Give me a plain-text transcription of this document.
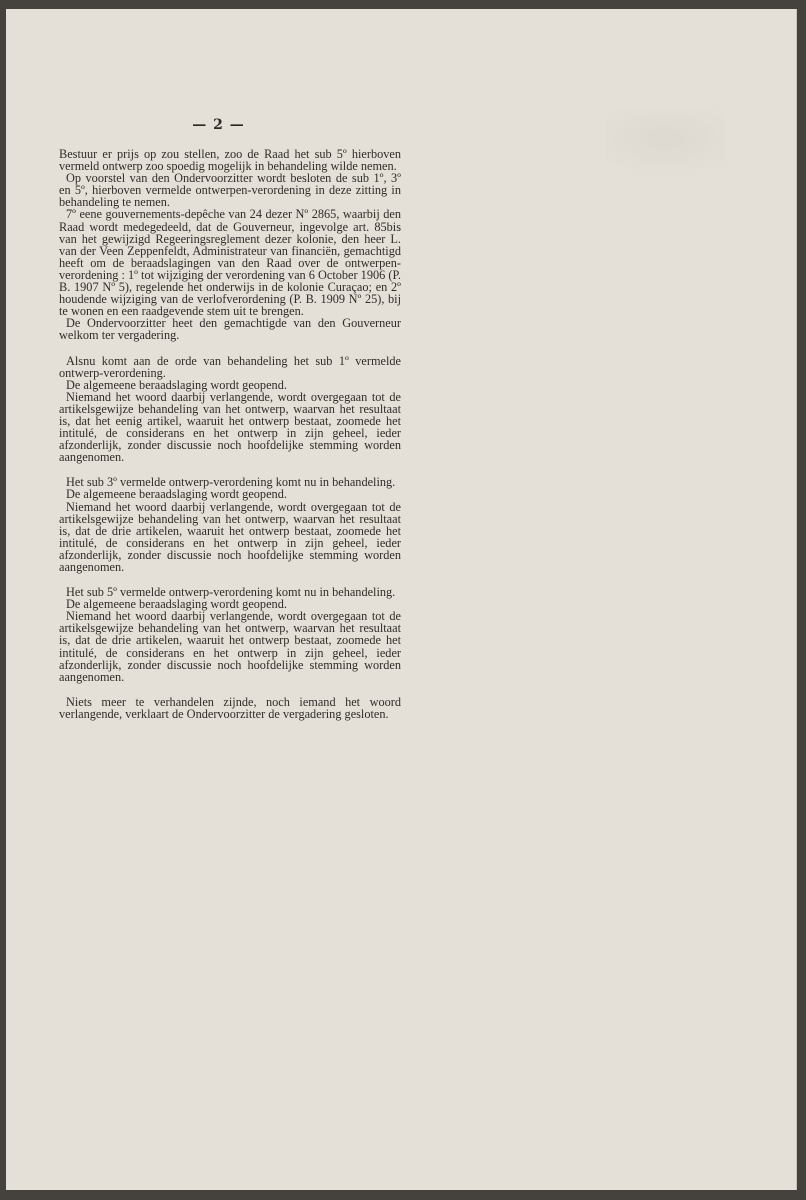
— 2 —

Bestuur er prijs op zou stellen, zoo de Raad het sub 5º hierboven vermeld ontwerp zoo spoedig mogelijk in behandeling wilde nemen.

Op voorstel van den Ondervoorzitter wordt besloten de sub 1º, 3º en 5º, hierboven vermelde ontwerpen-verordening in deze zitting in behandeling te nemen.

7º eene gouvernements-depêche van 24 dezer Nº 2865, waarbij den Raad wordt medegedeeld, dat de Gouverneur, ingevolge art. 85bis van het gewijzigd Regeeringsreglement dezer kolonie, den heer L. van der Veen Zeppenfeldt, Administrateur van financiën, gemachtigd heeft om de beraadslagingen van den Raad over de ontwerpen-verordening : 1º tot wijziging der verordening van 6 October 1906 (P. B. 1907 Nº 5), regelende het onderwijs in de kolonie Curaçao; en 2º houdende wijziging van de verlofverordening (P. B. 1909 Nº 25), bij te wonen en een raadgevende stem uit te brengen.

De Ondervoorzitter heet den gemachtigde van den Gouverneur welkom ter vergadering.

Alsnu komt aan de orde van behandeling het sub 1º vermelde ontwerp-verordening.

De algemeene beraadslaging wordt geopend.

Niemand het woord daarbij verlangende, wordt overgegaan tot de artikelsgewijze behandeling van het ontwerp, waarvan het resultaat is, dat het eenig artikel, waaruit het ontwerp bestaat, zoomede het intitulé, de considerans en het ontwerp in zijn geheel, ieder afzonderlijk, zonder discussie noch hoofdelijke stemming worden aangenomen.

Het sub 3º vermelde ontwerp-verordening komt nu in behandeling.

De algemeene beraadslaging wordt geopend.

Niemand het woord daarbij verlangende, wordt overgegaan tot de artikelsgewijze behandeling van het ontwerp, waarvan het resultaat is, dat de drie artikelen, waaruit het ontwerp bestaat, zoomede het intitulé, de considerans en het ontwerp in zijn geheel, ieder afzonderlijk, zonder discussie noch hoofdelijke stemming worden aangenomen.

Het sub 5º vermelde ontwerp-verordening komt nu in behandeling.

De algemeene beraadslaging wordt geopend.

Niemand het woord daarbij verlangende, wordt overgegaan tot de artikelsgewijze behandeling van het ontwerp, waarvan het resultaat is, dat de drie artikelen, waaruit het ontwerp bestaat, zoomede het intitulé, de considerans en het ontwerp in zijn geheel, ieder afzonderlijk, zonder discussie noch hoofdelijke stemming worden aangenomen.

Niets meer te verhandelen zijnde, noch iemand het woord verlangende, verklaart de Ondervoorzitter de vergadering gesloten.
